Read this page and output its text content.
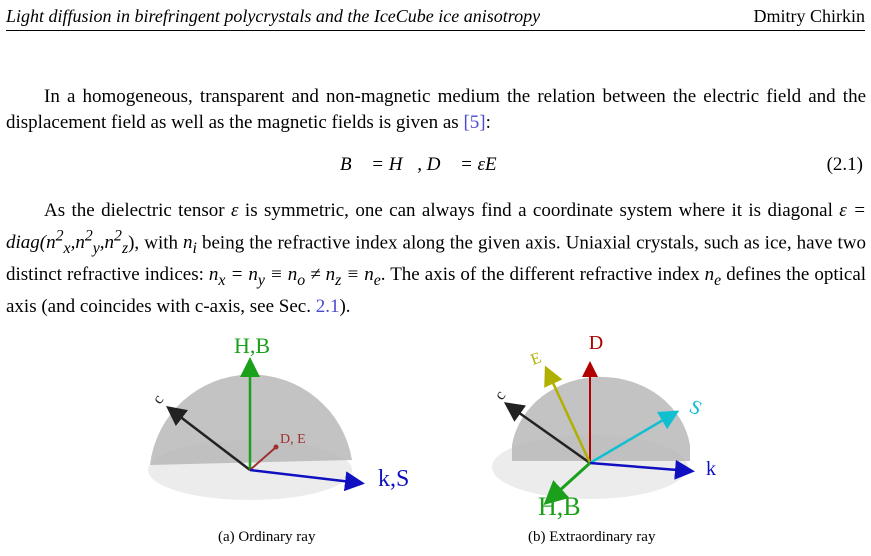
Light diffusion in birefringent polycrystals and the IceCube ice anisotropy	Dmitry Chirkin
  In a homogeneous, transparent and non-magnetic medium the relation between the electric field and the displacement field as well as the magnetic fields is given as [5]:
B⃗ = H⃗, D⃗ = εE⃗	(2.1)
  As the dielectric tensor ε is symmetric, one can always find a coordinate system where it is diagonal $\varepsilon = diag(n^2_x,n^2_y,n^2_z)$, with $n_i$ being the refractive index along the given axis. Uniaxial crystals, such as ice, have two distinct refractive indices: $n_x = n_y \equiv n_o \ne n_z \equiv n_e$. The axis of the different refractive index $n_e$ defines the optical axis (and coincides with c-axis, see Sec. 2.1).
H,B
c
D, E
k,S
D
E
c
S
k
H,B
(a) Ordinary ray	(b) Extraordinary ray
